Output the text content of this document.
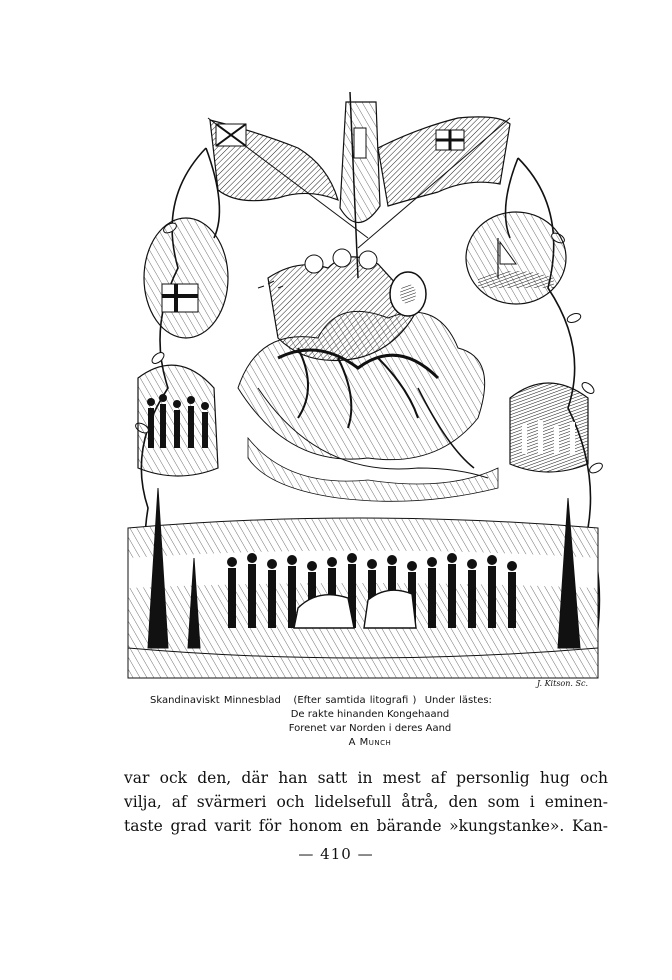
J. Kitson. Sc.
Skandinaviskt Minnesblad (Efter samtida litografi ) Under lästes:
De rakte hinanden Kongehaand
Forenet var Norden i deres Aand
A Munch
var ock den, där han satt in mest af personlig hug och
vilja, af svärmeri och lidelsefull åtrå, den som i eminen-
taste grad varit för honom en bärande »kungstanke». Kan-
— 410 —
